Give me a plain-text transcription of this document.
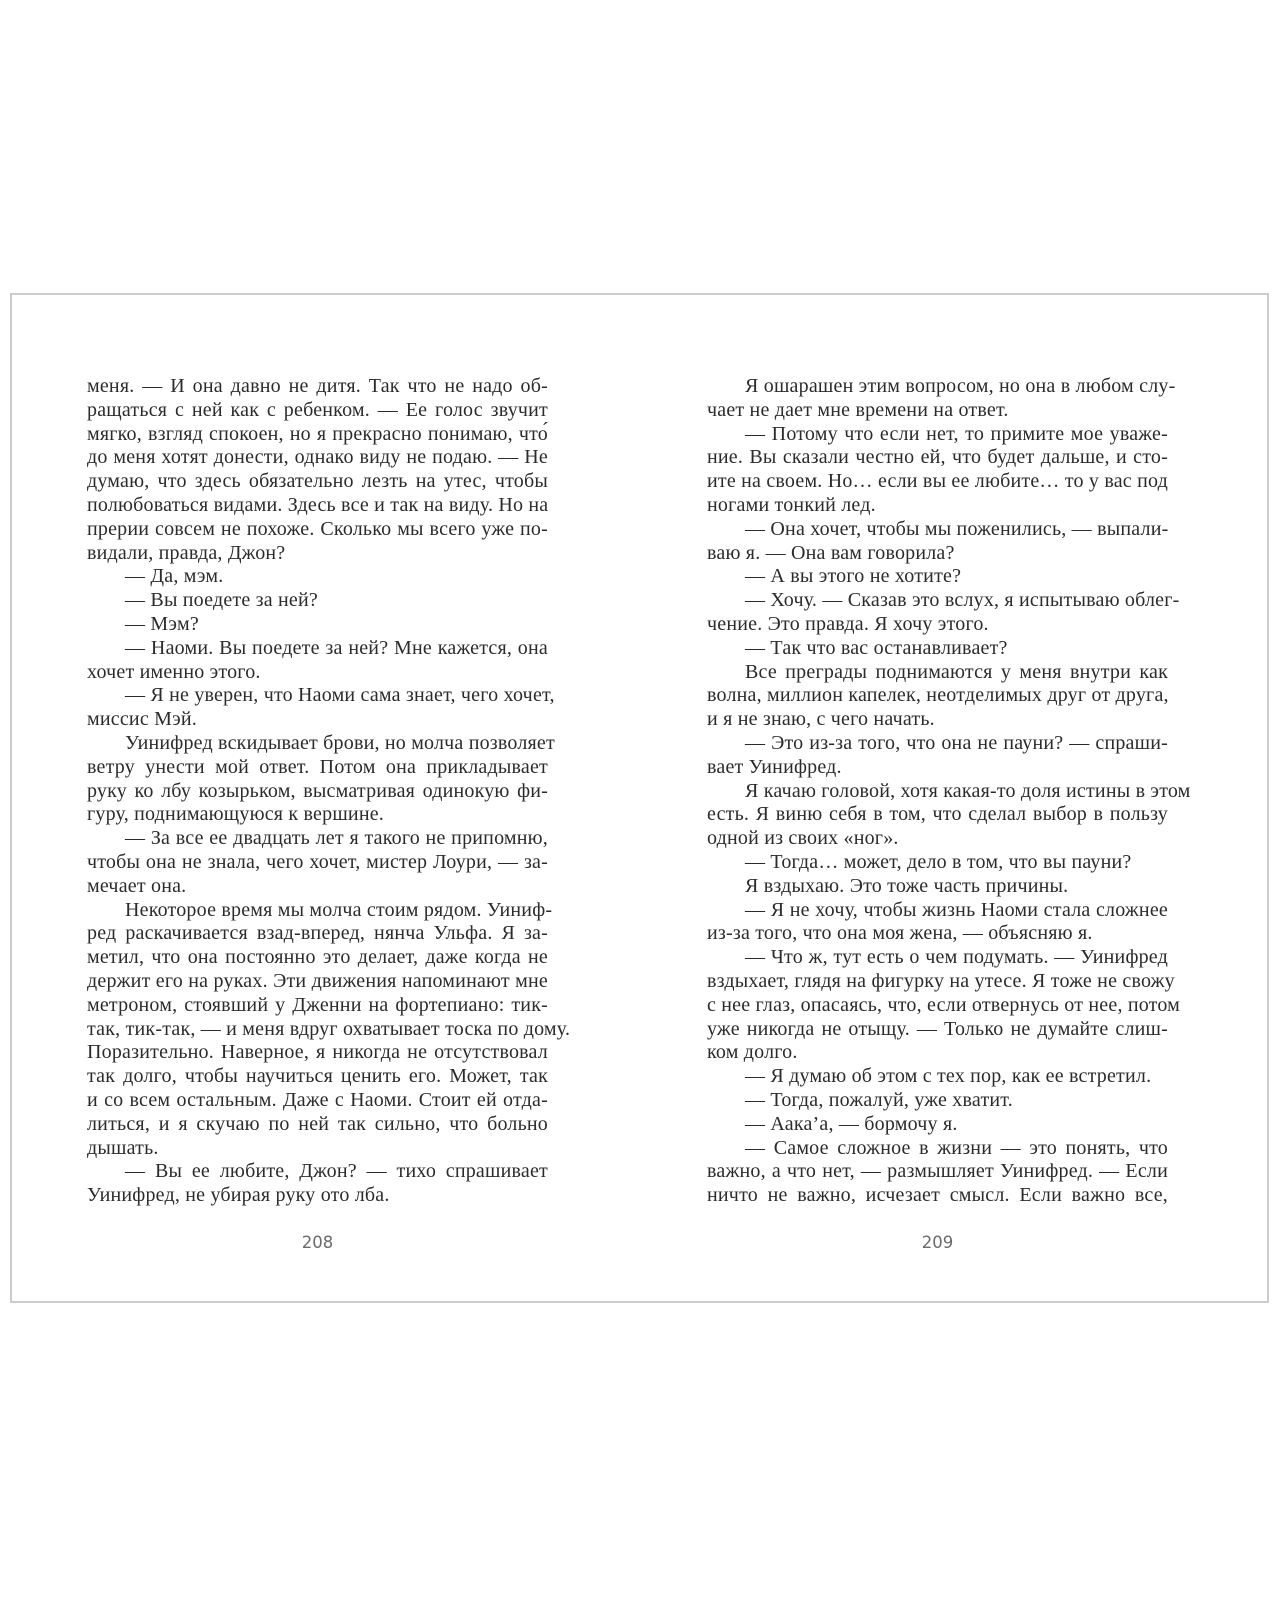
меня. — И она давно не дитя. Так что не надо об-
ращаться с ней как с ребенком. — Ее голос звучит
мягко, взгляд спокоен, но я прекрасно понимаю, что́
до меня хотят донести, однако виду не подаю. — Не
думаю, что здесь обязательно лезть на утес, чтобы
полюбоваться видами. Здесь все и так на виду. Но на
прерии совсем не похоже. Сколько мы всего уже по-
видали, правда, Джон?
— Да, мэм.
— Вы поедете за ней?
— Мэм?
— Наоми. Вы поедете за ней? Мне кажется, она
хочет именно этого.
— Я не уверен, что Наоми сама знает, чего хочет,
миссис Мэй.
Уинифред вскидывает брови, но молча позволяет
ветру унести мой ответ. Потом она прикладывает
руку ко лбу козырьком, высматривая одинокую фи-
гуру, поднимающуюся к вершине.
— За все ее двадцать лет я такого не припомню,
чтобы она не знала, чего хочет, мистер Лоури, — за-
мечает она.
Некоторое время мы молча стоим рядом. Уиниф-
ред раскачивается взад-вперед, нянча Ульфа. Я за-
метил, что она постоянно это делает, даже когда не
держит его на руках. Эти движения напоминают мне
метроном, стоявший у Дженни на фортепиано: тик-
так, тик-так, — и меня вдруг охватывает тоска по дому.
Поразительно. Наверное, я никогда не отсутствовал
так долго, чтобы научиться ценить его. Может, так
и со всем остальным. Даже с Наоми. Стоит ей отда-
литься, и я скучаю по ней так сильно, что больно
дышать.
— Вы ее любите, Джон? — тихо спрашивает
Уинифред, не убирая руку ото лба.
Я ошарашен этим вопросом, но она в любом слу-
чает не дает мне времени на ответ.
— Потому что если нет, то примите мое уваже-
ние. Вы сказали честно ей, что будет дальше, и сто-
ите на своем. Но… если вы ее любите… то у вас под
ногами тонкий лед.
— Она хочет, чтобы мы поженились, — выпали-
ваю я. — Она вам говорила?
— А вы этого не хотите?
— Хочу. — Сказав это вслух, я испытываю облег-
чение. Это правда. Я хочу этого.
— Так что вас останавливает?
Все преграды поднимаются у меня внутри как
волна, миллион капелек, неотделимых друг от друга,
и я не знаю, с чего начать.
— Это из-за того, что она не пауни? — спраши-
вает Уинифред.
Я качаю головой, хотя какая-то доля истины в этом
есть. Я виню себя в том, что сделал выбор в пользу
одной из своих «ног».
— Тогда… может, дело в том, что вы пауни?
Я вздыхаю. Это тоже часть причины.
— Я не хочу, чтобы жизнь Наоми стала сложнее
из-за того, что она моя жена, — объясняю я.
— Что ж, тут есть о чем подумать. — Уинифред
вздыхает, глядя на фигурку на утесе. Я тоже не свожу
с нее глаз, опасаясь, что, если отвернусь от нее, потом
уже никогда не отыщу. — Только не думайте слиш-
ком долго.
— Я думаю об этом с тех пор, как ее встретил.
— Тогда, пожалуй, уже хватит.
— Аака’а, — бормочу я.
— Самое сложное в жизни — это понять, что
важно, а что нет, — размышляет Уинифред. — Если
ничто не важно, исчезает смысл. Если важно все,
208	209
